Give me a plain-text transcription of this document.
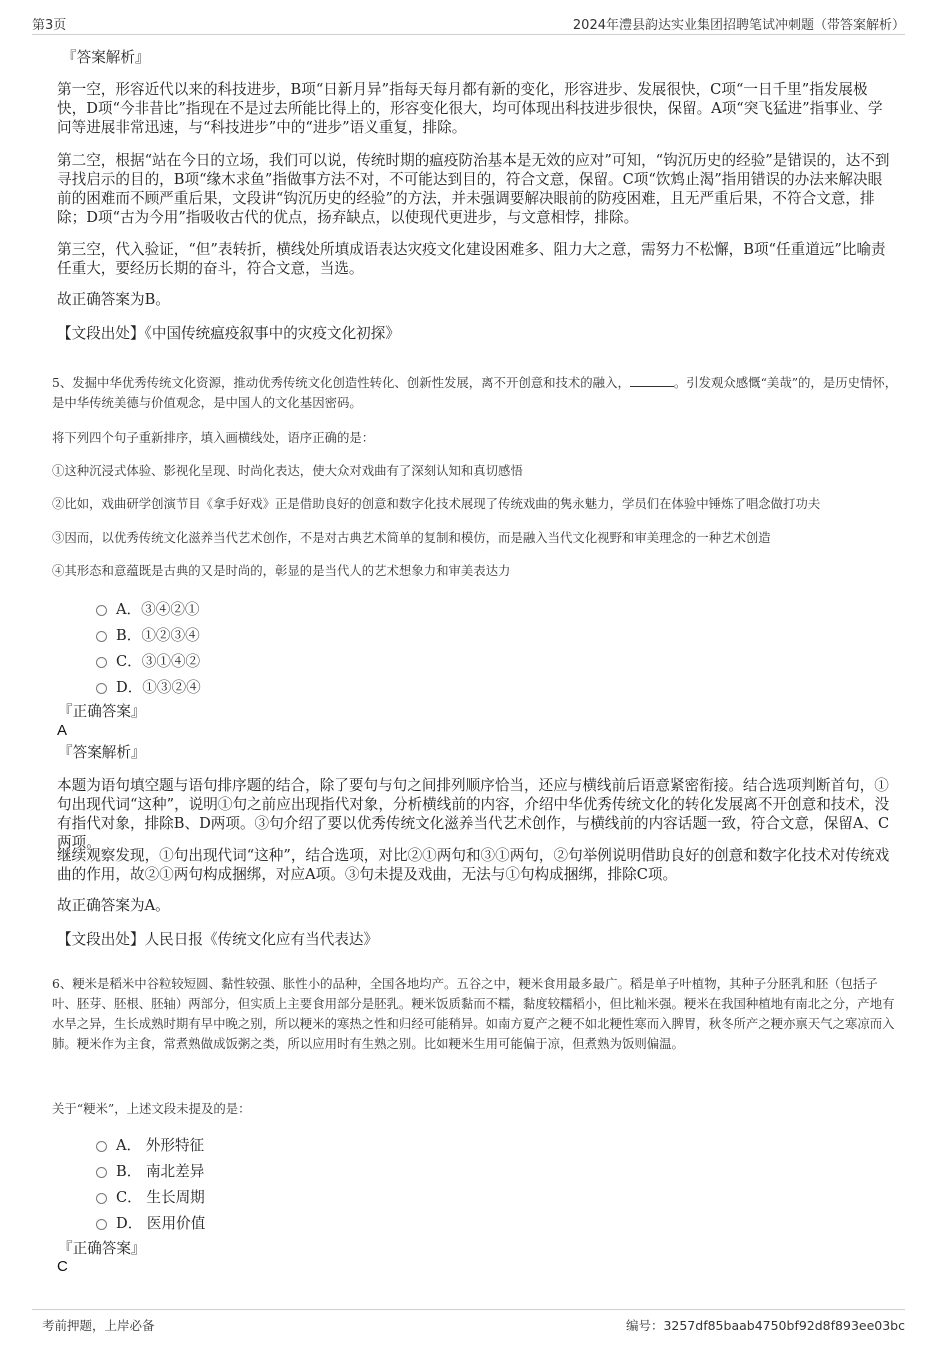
第3页	2024年澧县韵达实业集团招聘笔试冲刺题（带答案解析）
『答案解析』
第一空，形容近代以来的科技进步，B项“日新月异”指每天每月都有新的变化，形容进步、发展很快，C项“一日千里”指发展极快，D项“今非昔比”指现在不是过去所能比得上的，形容变化很大，均可体现出科技进步很快，保留。A项“突飞猛进”指事业、学问等进展非常迅速，与“科技进步”中的“进步”语义重复，排除。
第二空，根据“站在今日的立场，我们可以说，传统时期的瘟疫防治基本是无效的应对”可知，“钩沉历史的经验”是错误的，达不到寻找启示的目的，B项“缘木求鱼”指做事方法不对，不可能达到目的，符合文意，保留。C项“饮鸩止渴”指用错误的办法来解决眼前的困难而不顾严重后果，文段讲“钩沉历史的经验”的方法，并未强调要解决眼前的防疫困难，且无严重后果，不符合文意，排除；D项“古为今用”指吸收古代的优点，扬弃缺点，以使现代更进步，与文意相悖，排除。
第三空，代入验证，“但”表转折，横线处所填成语表达灾疫文化建设困难多、阻力大之意，需努力不松懈，B项“任重道远”比喻责任重大，要经历长期的奋斗，符合文意，当选。
故正确答案为B。
【文段出处】《中国传统瘟疫叙事中的灾疫文化初探》
5、发掘中华优秀传统文化资源，推动优秀传统文化创造性转化、创新性发展，离不开创意和技术的融入，	。引发观众感慨“美哉”的，是历史情怀，是中华传统美德与价值观念，是中国人的文化基因密码。
将下列四个句子重新排序，填入画横线处，语序正确的是：
①这种沉浸式体验、影视化呈现、时尚化表达，使大众对戏曲有了深刻认知和真切感悟
②比如，戏曲研学创演节目《拿手好戏》正是借助良好的创意和数字化技术展现了传统戏曲的隽永魅力，学员们在体验中锤炼了唱念做打功夫
③因而，以优秀传统文化滋养当代艺术创作，不是对古典艺术简单的复制和模仿，而是融入当代文化视野和审美理念的一种艺术创造
④其形态和意蕴既是古典的又是时尚的，彰显的是当代人的艺术想象力和审美表达力
A．③④②①
B．①②③④
C．③①④②
D．①③②④
『正确答案』
A
『答案解析』
本题为语句填空题与语句排序题的结合，除了要句与句之间排列顺序恰当，还应与横线前后语意紧密衔接。结合选项判断首句，①句出现代词“这种”，说明①句之前应出现指代对象，分析横线前的内容，介绍中华优秀传统文化的转化发展离不开创意和技术，没有指代对象，排除B、D两项。③句介绍了要以优秀传统文化滋养当代艺术创作，与横线前的内容话题一致，符合文意，保留A、C两项。
继续观察发现，①句出现代词“这种”，结合选项，对比②①两句和③①两句，②句举例说明借助良好的创意和数字化技术对传统戏曲的作用，故②①两句构成捆绑，对应A项。③句未提及戏曲，无法与①句构成捆绑，排除C项。
故正确答案为A。
【文段出处】人民日报《传统文化应有当代表达》
6、粳米是稻米中谷粒较短圆、黏性较强、胀性小的品种，全国各地均产。五谷之中，粳米食用最多最广。稻是单子叶植物，其种子分胚乳和胚（包括子叶、胚芽、胚根、胚轴）两部分，但实质上主要食用部分是胚乳。粳米饭质黏而不糯，黏度较糯稻小，但比籼米强。粳米在我国种植地有南北之分，产地有水旱之异，生长成熟时期有早中晚之别，所以粳米的寒热之性和归经可能稍异。如南方夏产之粳不如北粳性寒而入脾胃，秋冬所产之粳亦禀天气之寒凉而入肺。粳米作为主食，常煮熟做成饭粥之类，所以应用时有生熟之别。比如粳米生用可能偏于凉，但煮熟为饭则偏温。
关于“粳米”，上述文段未提及的是：
A． 外形特征
B． 南北差异
C． 生长周期
D． 医用价值
『正确答案』
C
考前押题，上岸必备	编号：3257df85baab4750bf92d8f893ee03bc
